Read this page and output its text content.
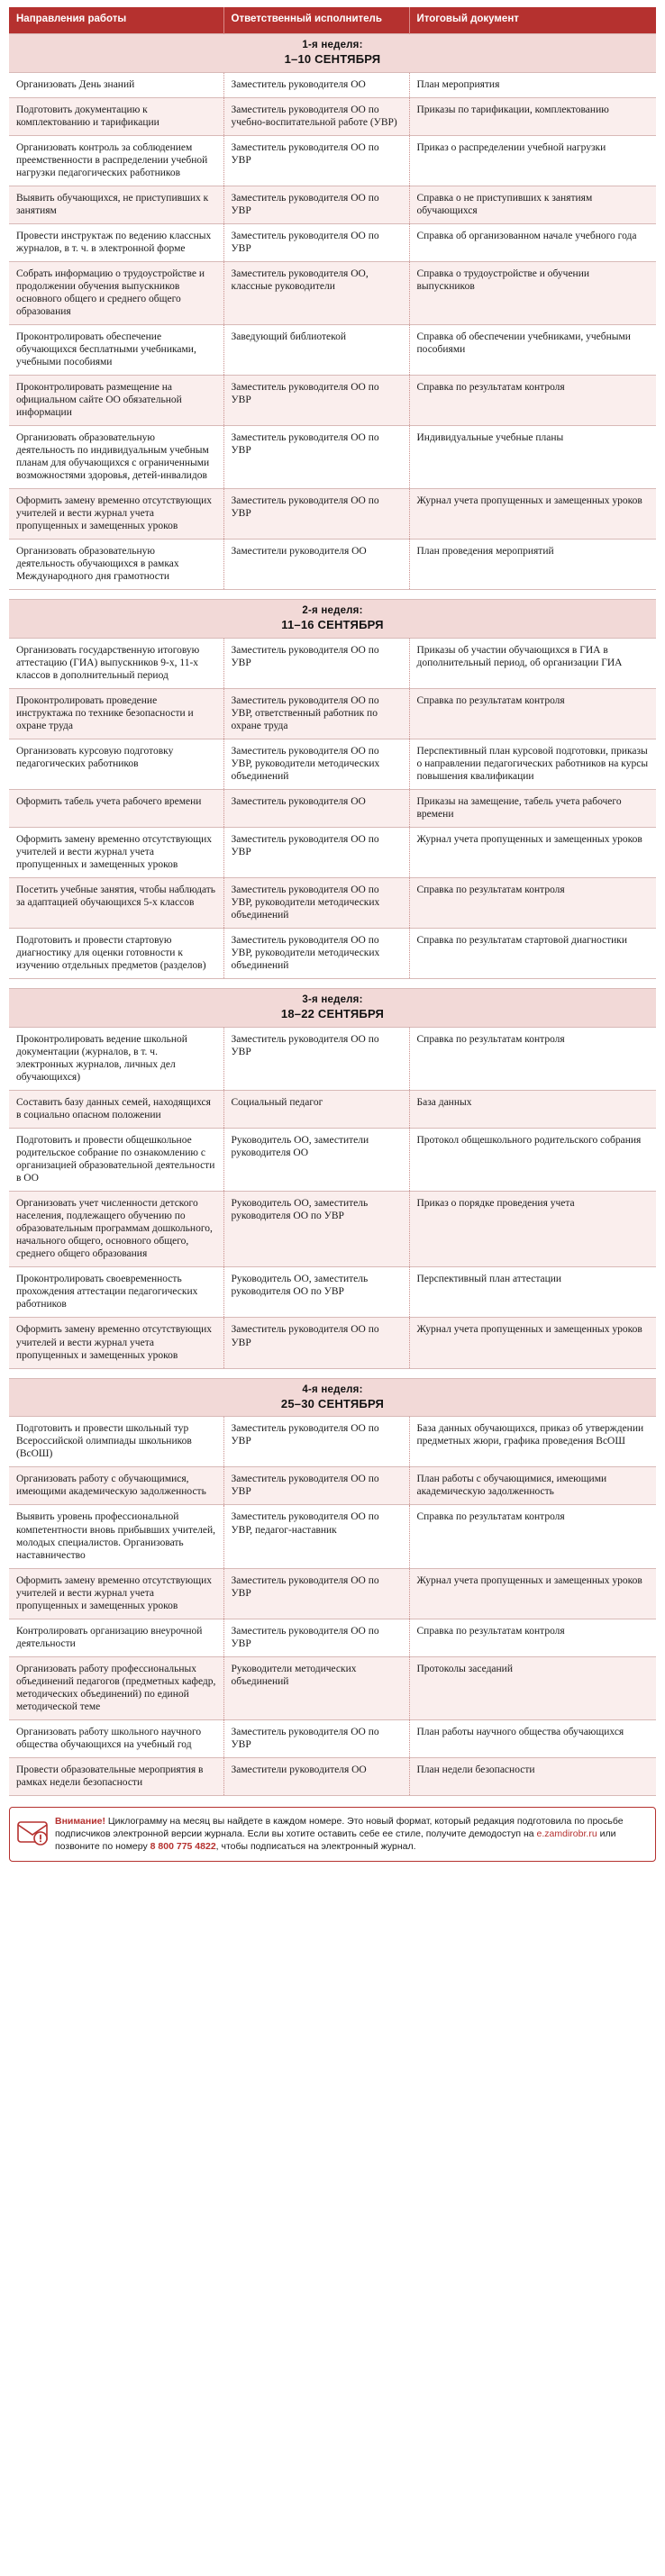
Направления работы	Ответственный исполнитель	Итоговый документ

1-я неделя:
1–10 СЕНТЯБРЯ		

Организовать День знаний	Заместитель руководителя ОО	План мероприятия
Подготовить документацию к комплектованию и тарификации	Заместитель руководителя ОО по учебно-воспитательной работе (УВР)	Приказы по тарификации, комплектованию
Организовать контроль за соблюдением преемственности в распределении учебной нагрузки педагогических работников	Заместитель руководителя ОО по УВР	Приказ о распределении учебной нагрузки
Выявить обучающихся, не приступивших к занятиям	Заместитель руководителя ОО по УВР	Справка о не приступивших к занятиям обучающихся
Провести инструктаж по ведению классных журналов, в т. ч. в электронной форме	Заместитель руководителя ОО по УВР	Справка об организованном начале учебного года
Собрать информацию о трудоустройстве и продолжении обучения выпускников основного общего и среднего общего образования	Заместитель руководителя ОО, классные руководители	Справка о трудоустройстве и обучении выпускников
Проконтролировать обеспечение обучающихся бесплатными учебниками, учебными пособиями	Заведующий библиотекой	Справка об обеспечении учебниками, учебными пособиями
Проконтролировать размещение на официальном сайте ОО обязательной информации	Заместитель руководителя ОО по УВР	Справка по результатам контроля
Организовать образовательную деятельность по индивидуальным учебным планам для обучающихся с ограниченными возможностями здоровья, детей-инвалидов	Заместитель руководителя ОО по УВР	Индивидуальные учебные планы
Оформить замену временно отсутствующих учителей и вести журнал учета пропущенных и замещенных уроков	Заместитель руководителя ОО по УВР	Журнал учета пропущенных и замещенных уроков
Организовать образовательную деятельность обучающихся в рамках Международного дня грамотности	Заместители руководителя ОО	План проведения мероприятий

2-я неделя:
11–16 СЕНТЯБРЯ		

Организовать государственную итоговую аттестацию (ГИА) выпускников 9-х, 11-х классов в дополнительный период	Заместитель руководителя ОО по УВР	Приказы об участии обучающихся в ГИА в дополнительный период, об организации ГИА
Проконтролировать проведение инструктажа по технике безопасности и охране труда	Заместитель руководителя ОО по УВР, ответственный работник по охране труда	Справка по результатам контроля
Организовать курсовую подготовку педагогических работников	Заместитель руководителя ОО по УВР, руководители методических объединений	Перспективный план курсовой подготовки, приказы о направлении педагогических работников на курсы повышения квалификации
Оформить табель учета рабочего времени	Заместитель руководителя ОО	Приказы на замещение, табель учета рабочего времени
Оформить замену временно отсутствующих учителей и вести журнал учета пропущенных и замещенных уроков	Заместитель руководителя ОО по УВР	Журнал учета пропущенных и замещенных уроков
Посетить учебные занятия, чтобы наблюдать за адаптацией обучающихся 5-х классов	Заместитель руководителя ОО по УВР, руководители методических объединений	Справка по результатам контроля
Подготовить и провести стартовую диагностику для оценки готовности к изучению отдельных предметов (разделов)	Заместитель руководителя ОО по УВР, руководители методических объединений	Справка по результатам стартовой диагностики

3-я неделя:
18–22 СЕНТЯБРЯ		

Проконтролировать ведение школьной документации (журналов, в т. ч. электронных журналов, личных дел обучающихся)	Заместитель руководителя ОО по УВР	Справка по результатам контроля
Составить базу данных семей, находящихся в социально опасном положении	Социальный педагог	База данных
Подготовить и провести общешкольное родительское собрание по ознакомлению с организацией образовательной деятельности в ОО	Руководитель ОО, заместители руководителя ОО	Протокол общешкольного родительского собрания
Организовать учет численности детского населения, подлежащего обучению по образовательным программам дошкольного, начального общего, основного общего, среднего общего образования	Руководитель ОО, заместитель руководителя ОО по УВР	Приказ о порядке проведения учета
Проконтролировать своевременность прохождения аттестации педагогических работников	Руководитель ОО, заместитель руководителя ОО по УВР	Перспективный план аттестации
Оформить замену временно отсутствующих учителей и вести журнал учета пропущенных и замещенных уроков	Заместитель руководителя ОО по УВР	Журнал учета пропущенных и замещенных уроков

4-я неделя:
25–30 СЕНТЯБРЯ		

Подготовить и провести школьный тур Всероссийской олимпиады школьников (ВсОШ)	Заместитель руководителя ОО по УВР	База данных обучающихся, приказ об утверждении предметных жюри, графика проведения ВсОШ
Организовать работу с обучающимися, имеющими академическую задолженность	Заместитель руководителя ОО по УВР	План работы с обучающимися, имеющими академическую задолженность
Выявить уровень профессиональной компетентности вновь прибывших учителей, молодых специалистов. Организовать наставничество	Заместитель руководителя ОО по УВР, педагог-наставник	Справка по результатам контроля
Оформить замену временно отсутствующих учителей и вести журнал учета пропущенных и замещенных уроков	Заместитель руководителя ОО по УВР	Журнал учета пропущенных и замещенных уроков
Контролировать организацию внеурочной деятельности	Заместитель руководителя ОО по УВР	Справка по результатам контроля
Организовать работу профессиональных объединений педагогов (предметных кафедр, методических объединений) по единой методической теме	Руководители методических объединений	Протоколы заседаний
Организовать работу школьного научного общества обучающихся на учебный год	Заместитель руководителя ОО по УВР	План работы научного общества обучающихся
Провести образовательные мероприятия в рамках недели безопасности	Заместители руководителя ОО	План недели безопасности
Внимание! Циклограмму на месяц вы найдете в каждом номере. Это новый формат, который редакция подготовила по просьбе подписчиков электронной версии журнала. Если вы хотите оставить себе ее стиле, получите демодоступ на e.zamdirobr.ru или позвоните по номеру 8 800 775 4822, чтобы подписаться на электронный журнал.
